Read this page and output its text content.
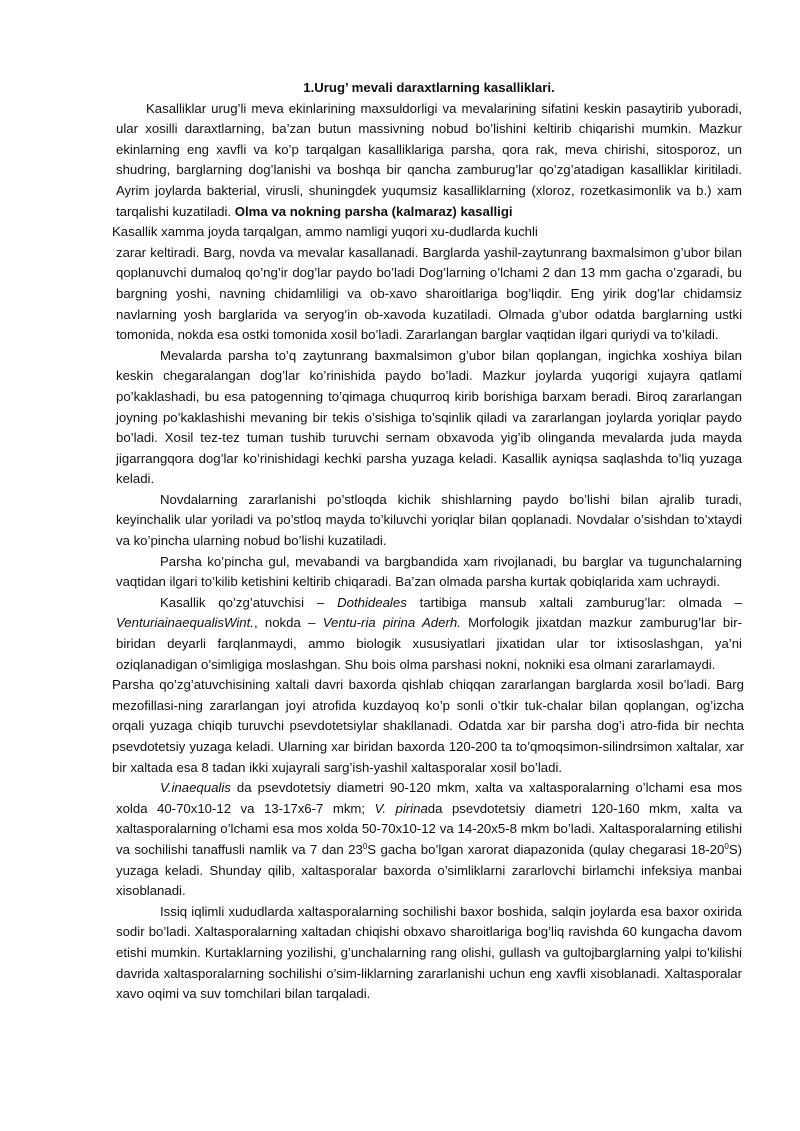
1.Urug’ mevali daraxtlarning kasalliklari.

Kasalliklar urug’li meva ekinlarining maxsuldorligi va mevalarining sifatini keskin pasaytirib yuboradi, ular xosilli daraxtlarning, ba’zan butun massivning nobud bo’lishini keltirib chiqarishi mumkin. Mazkur ekinlarning eng xavfli va ko’p tarqalgan kasalliklariga parsha, qora rak, meva chirishi, sitosporoz, un shudring, barglarning dog’lanishi va boshqa bir qancha zamburug’lar qo’zg’atadigan kasalliklar kiritiladi. Ayrim joylarda bakterial, virusli, shuningdek yuqumsiz kasalliklarning (xloroz, rozetkasimonlik va b.) xam tarqalishi kuzatiladi. Olma va nokning parsha (kalmaraz) kasalligi

Kasallik xamma joyda tarqalgan, ammo namligi yuqori xu-dudlarda kuchli

zarar keltiradi. Barg, novda va mevalar kasallanadi. Barglarda yashil-zaytunrang baxmalsimon g’ubor bilan qoplanuvchi dumaloq qo’ng’ir dog’lar paydo bo’ladi Dog’larning o’lchami 2 dan 13 mm gacha o’zgaradi, bu bargning yoshi, navning chidamliligi va ob-xavo sharoitlariga bog’liqdir. Eng yirik dog’lar chidamsiz navlarning yosh barglarida va seryog’in ob-xavoda kuzatiladi. Olmada g’ubor odatda barglarning ustki tomonida, nokda esa ostki tomonida xosil bo’ladi. Zararlangan barglar vaqtidan ilgari quriydi va to’kiladi.

Mevalarda parsha to’q zaytunrang baxmalsimon g’ubor bilan qoplangan, ingichka xoshiya bilan keskin chegaralangan dog’lar ko’rinishida paydo bo’ladi. Mazkur joylarda yuqorigi xujayra qatlami po’kaklashadi, bu esa patogenning to’qimaga chuqurroq kirib borishiga barxam beradi. Biroq zararlangan joyning po’kaklashishi mevaning bir tekis o’sishiga to’sqinlik qiladi va zararlangan joylarda yoriqlar paydo bo’ladi. Xosil tez-tez tuman tushib turuvchi sernam obxavoda yig’ib olinganda mevalarda juda mayda jigarrangqora dog’lar ko’rinishidagi kechki parsha yuzaga keladi. Kasallik ayniqsa saqlashda to’liq yuzaga keladi.

Novdalarning zararlanishi po’stloqda kichik shishlarning paydo bo’lishi bilan ajralib turadi, keyinchalik ular yoriladi va po’stloq mayda to’kiluvchi yoriqlar bilan qoplanadi. Novdalar o’sishdan to’xtaydi va ko’pincha ularning nobud bo’lishi kuzatiladi.

Parsha ko’pincha gul, mevabandi va bargbandida xam rivojlanadi, bu barglar va tugunchalarning vaqtidan ilgari to’kilib ketishini keltirib chiqaradi. Ba’zan olmada parsha kurtak qobiqlarida xam uchraydi.

Kasallik qo’zg’atuvchisi – Dothideales tartibiga mansub xaltali zamburug’lar: olmada – VenturiainaequalisWint., nokda – Ventu-ria pirina Aderh. Morfologik jixatdan mazkur zamburug’lar bir-biridan deyarli farqlanmaydi, ammo biologik xususiyatlari jixatidan ular tor ixtisoslashgan, ya’ni oziqlanadigan o’simligiga moslashgan. Shu bois olma parshasi nokni, nokniki esa olmani zararlamaydi.

Parsha qo’zg’atuvchisining xaltali davri baxorda qishlab chiqqan zararlangan barglarda xosil bo’ladi. Barg mezofillasi-ning zararlangan joyi atrofida kuzdayoq ko’p sonli o’tkir tuk-chalar bilan qoplangan, og’izcha orqali yuzaga chiqib turuvchi psevdotetsiylar shakllanadi. Odatda xar bir parsha dog’i atro-fida bir nechta psevdotetsiy yuzaga keladi. Ularning xar biridan baxorda 120-200 ta to’qmoqsimon-silindrsimon xaltalar, xar bir xaltada esa 8 tadan ikki xujayrali sarg’ish-yashil xaltasporalar xosil bo’ladi.

V.inaequalis da psevdotetsiy diametri 90-120 mkm, xalta va xaltasporalarning o’lchami esa mos xolda 40-70x10-12 va 13-17x6-7 mkm; V. pirinada psevdotetsiy diametri 120-160 mkm, xalta va xaltasporalarning o’lchami esa mos xolda 50-70x10-12 va 14-20x5-8 mkm bo’ladi. Xaltasporalarning etilishi va sochilishi tanaffusli namlik va 7 dan $23^0S$ gacha bo’lgan xarorat diapazonida (qulay chegarasi $18-20^0S$) yuzaga keladi. Shunday qilib, xaltasporalar baxorda o’simliklarni zararlovchi birlamchi infeksiya manbai xisoblanadi.

Issiq iqlimli xududlarda xaltasporalarning sochilishi baxor boshida, salqin joylarda esa baxor oxirida sodir bo’ladi. Xaltasporalarning xaltadan chiqishi obxavo sharoitlariga bog’liq ravishda 60 kungacha davom etishi mumkin. Kurtaklarning yozilishi, g’unchalarning rang olishi, gullash va gultojbarglarning yalpi to’kilishi davrida xaltasporalarning sochilishi o’sim-liklarning zararlanishi uchun eng xavfli xisoblanadi. Xaltasporalar xavo oqimi va suv tomchilari bilan tarqaladi.
